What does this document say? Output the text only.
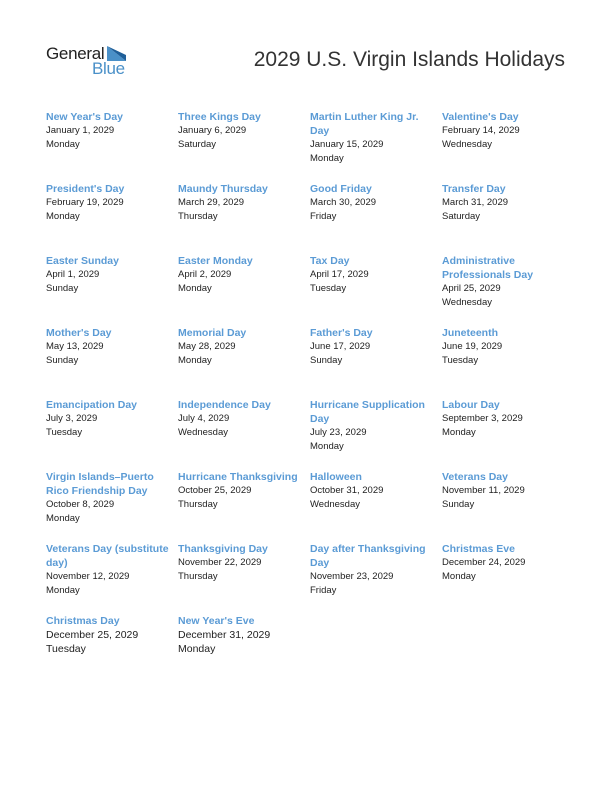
General
Blue	2029 U.S. Virgin Islands Holidays
New Year's Day
January 1, 2029
Monday
Three Kings Day
January 6, 2029
Saturday
Martin Luther King Jr. Day
January 15, 2029
Monday
Valentine's Day
February 14, 2029
Wednesday
President's Day
February 19, 2029
Monday
Maundy Thursday
March 29, 2029
Thursday
Good Friday
March 30, 2029
Friday
Transfer Day
March 31, 2029
Saturday
Easter Sunday
April 1, 2029
Sunday
Easter Monday
April 2, 2029
Monday
Tax Day
April 17, 2029
Tuesday
Administrative Professionals Day
April 25, 2029
Wednesday
Mother's Day
May 13, 2029
Sunday
Memorial Day
May 28, 2029
Monday
Father's Day
June 17, 2029
Sunday
Juneteenth
June 19, 2029
Tuesday
Emancipation Day
July 3, 2029
Tuesday
Independence Day
July 4, 2029
Wednesday
Hurricane Supplication Day
July 23, 2029
Monday
Labour Day
September 3, 2029
Monday
Virgin Islands–Puerto Rico Friendship Day
October 8, 2029
Monday
Hurricane Thanksgiving
October 25, 2029
Thursday
Halloween
October 31, 2029
Wednesday
Veterans Day
November 11, 2029
Sunday
Veterans Day (substitute day)
November 12, 2029
Monday
Thanksgiving Day
November 22, 2029
Thursday
Day after Thanksgiving Day
November 23, 2029
Friday
Christmas Eve
December 24, 2029
Monday
Christmas Day
December 25, 2029
Tuesday
New Year's Eve
December 31, 2029
Monday
